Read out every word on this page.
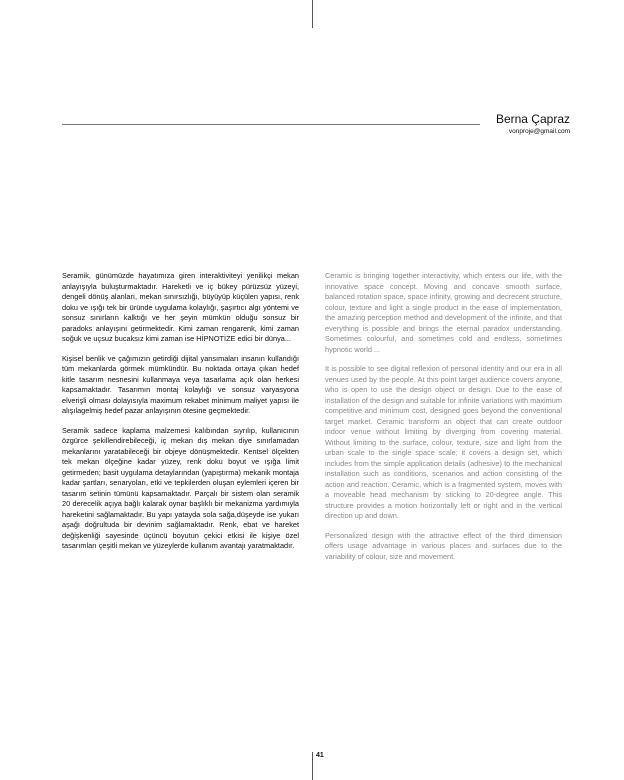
Berna Çapraz
vonproje@gmail.com

Seramik, günümüzde hayatımıza giren interaktiviteyi yenilikçi mekan anlayışıyla buluşturmaktadır. Hareketli ve iç bükey pürüzsüz yüzeyi, dengeli dönüş alanları, mekan sınırsızlığı, büyüyüp küçülen yapısı, renk doku ve ışığı tek bir üründe uygulama kolaylığı, şaşırtıcı algı yöntemi ve sonsuz sınırların kalktığı ve her şeyin mümkün olduğu sonsuz bir paradoks anlayışını getirmektedir. Kimi zaman rengarenk, kimi zaman soğuk ve uçsuz bucaksız kimi zaman ise HİPNOTİZE edici bir dünya...

Kişisel benlik ve çağımızın getirdiği dijital yansımaları insanın kullandığı tüm mekanlarda görmek mümkündür. Bu noktada ortaya çıkan hedef kitle tasarım nesnesini kullanmaya veya tasarlama açık olan herkesi kapsamaktadır. Tasarımın montaj kolaylığı ve sonsuz varyasyona elverişli olması dolayısıyla maximum rekabet minimum maliyet yapısı ile alışılagelmiş hedef pazar anlayışının ötesine geçmektedir.

Seramik sadece kaplama malzemesi kalıbından sıyrılıp, kullanıcının özgürce şekillendirebileceği, iç mekan dış mekan diye sınırlamadan mekanlarını yaratabileceği bir objeye dönüşmektedir. Kentsel ölçekten tek mekan ölçeğine kadar yüzey, renk doku boyut ve ışığa limit getirmeden; basit uygulama detaylarından (yapıştırma) mekanik montaja kadar şartları, senaryoları, etki ve tepkilerden oluşan eylemleri içeren bir tasarım setinin tümünü kapsamaktadır. Parçalı bir sistem olan seramik 20 derecelik açıya bağlı kalarak oynar başlıklı bir mekanizma yardımıyla hareketini sağlamaktadır. Bu yapı yatayda sola sağa,düşeyde ise yukarı aşağı doğrultuda bir devinim sağlamaktadır. Renk, ebat ve hareket değişkenliği sayesinde üçüncü boyutun çekici etkisi ile kişiye özel tasarımları çeşitli mekan ve yüzeylerde kullanım avantajı yaratmaktadır.

Ceramic is bringing together interactivity, which enters our life, with the innovative space concept. Moving and concave smooth surface, balanced rotation space, space infinity, growing and decrecent structure, colour, texture and light a single product in the ease of implementation, the amazing perception method and development of the infinite, and that everything is possible and brings the eternal paradox understanding. Sometimes colourful, and sometimes cold and endless, sometimes hypnotic world ...

It is possible to see digital reflexion of personal identity and our era in all venues used by the people. At this point target audience covers anyone, who is open to use the design object or design. Due to the ease of installation of the design and suitable for infinite variations with maximum competitive and minimum cost, designed goes beyond the conventional target market. Ceramic transform an object that can create outdoor indoor venue without limiting by diverging from covering material. Without limiting to the surface, colour, texture, size and light from the urban scale to the single space scale; it covers a design set, which includes from the simple application details (adhesive) to the mechanical installation such as conditions, scenarios and action consisting of the action and reaction. Ceramic, which is a fragmented system, moves with a moveable head mechanism by sticking to 20-degree angle. This structure provides a motion horizontally left or right and in the vertical direction up and down.

Personalized design with the attractive effect of the third dimension offers usage advantage in various places and surfaces due to the variability of colour, size and movement.

41
